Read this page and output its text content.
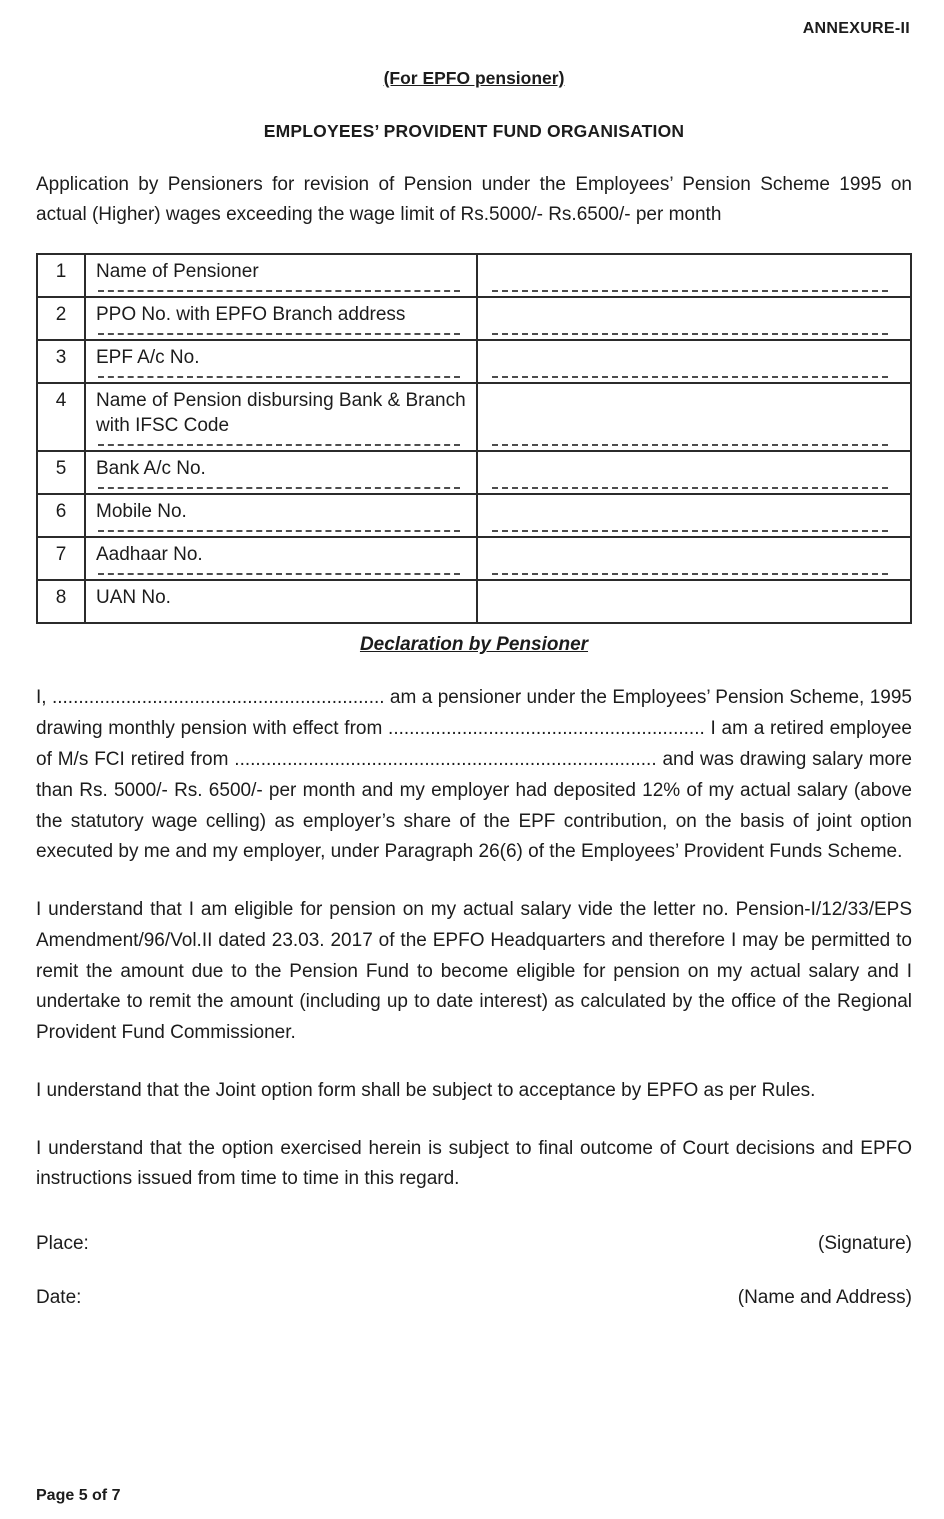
ANNEXURE-II
(For EPFO pensioner)
EMPLOYEES’ PROVIDENT FUND ORGANISATION

Application by Pensioners for revision of Pension under the Employees’ Pension Scheme 1995 on actual (Higher) wages exceeding the wage limit of Rs.5000/- Rs.6500/- per month

1	Name of Pensioner

2	PPO No. with EPFO Branch address

3	EPF A/c No.

4	Name of Pension disbursing Bank & Branch with IFSC Code

5	Bank A/c No.

6	Mobile No.

7	Aadhaar No.

8	UAN No.	
Declaration by Pensioner

I, ............................................................... am a pensioner under the Employees’ Pension Scheme, 1995 drawing monthly pension with effect from ............................................................ I am a retired employee of M/s FCI retired from ................................................................................ and was drawing salary more than Rs. 5000/- Rs. 6500/- per month and my employer had deposited 12% of my actual salary (above the statutory wage celling) as employer’s share of the EPF contribution, on the basis of joint option executed by me and my employer, under Paragraph 26(6) of the Employees’ Provident Funds Scheme.

I understand that I am eligible for pension on my actual salary vide the letter no. Pension-I/12/33/EPS Amendment/96/Vol.II dated 23.03. 2017 of the EPFO Headquarters and therefore I may be permitted to remit the amount due to the Pension Fund to become eligible for pension on my actual salary and I undertake to remit the amount (including up to date interest) as calculated by the office of the Regional Provident Fund Commissioner.

I understand that the Joint option form shall be subject to acceptance by EPFO as per Rules.

I understand that the option exercised herein is subject to final outcome of Court decisions and EPFO instructions issued from time to time in this regard.

Place:	(Signature)
Date:	(Name and Address)
Page 5 of 7
